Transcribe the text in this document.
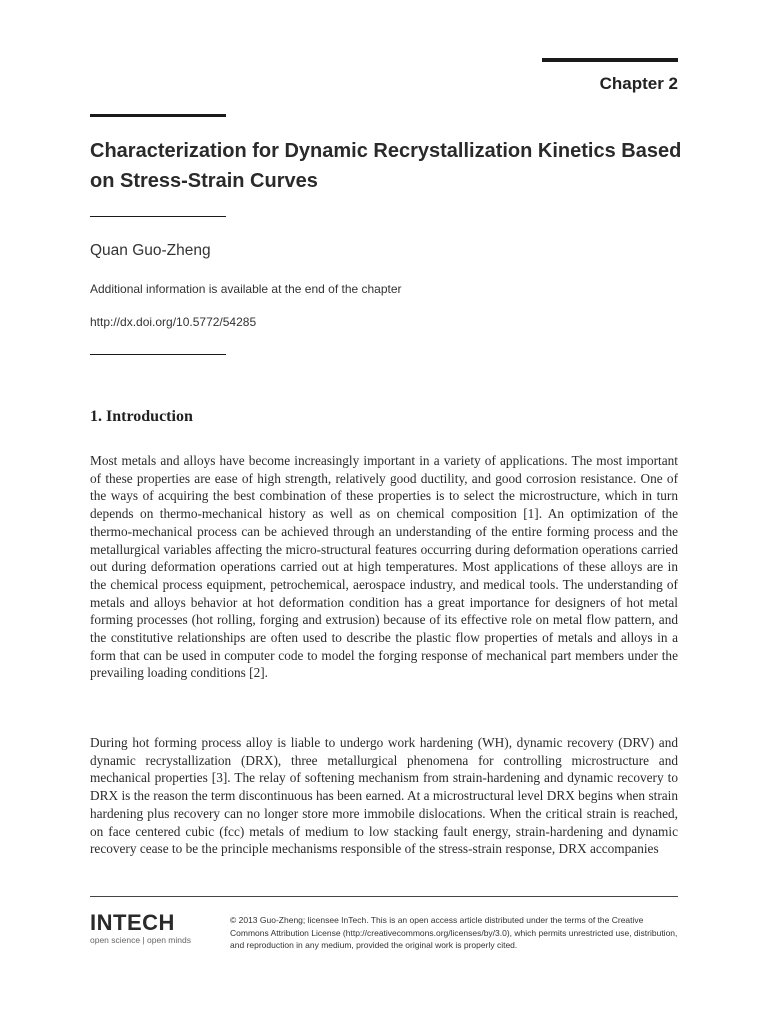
Chapter 2
Characterization for Dynamic Recrystallization Kinetics Based on Stress-Strain Curves
Quan Guo-Zheng
Additional information is available at the end of the chapter
http://dx.doi.org/10.5772/54285
1. Introduction

Most metals and alloys have become increasingly important in a variety of applications. The most important of these properties are ease of high strength, relatively good ductility, and good corrosion resistance. One of the ways of acquiring the best combination of these properties is to select the microstructure, which in turn depends on thermo-mechanical history as well as on chemical composition [1]. An optimization of the thermo-mechanical process can be achieved through an understanding of the entire forming process and the metallurgical variables affecting the micro-structural features occurring during deformation operations carried out during deformation operations carried out at high temperatures. Most applications of these alloys are in the chemical process equipment, petrochemical, aerospace industry, and medical tools. The understanding of metals and alloys behavior at hot deformation condition has a great importance for designers of hot metal forming processes (hot rolling, forging and extrusion) because of its effective role on metal flow pattern, and the constitutive relationships are often used to describe the plastic flow properties of metals and alloys in a form that can be used in computer code to model the forging response of mechanical part members under the prevailing loading conditions [2].

During hot forming process alloy is liable to undergo work hardening (WH), dynamic recovery (DRV) and dynamic recrystallization (DRX), three metallurgical phenomena for controlling microstructure and mechanical properties [3]. The relay of softening mechanism from strain-hardening and dynamic recovery to DRX is the reason the term discontinuous has been earned. At a microstructural level DRX begins when strain hardening plus recovery can no longer store more immobile dislocations. When the critical strain is reached, on face centered cubic (fcc) metals of medium to low stacking fault energy, strain-hardening and dynamic recovery cease to be the principle mechanisms responsible of the stress-strain response, DRX accompanies

INTECH
open science | open minds

© 2013 Guo-Zheng; licensee InTech. This is an open access article distributed under the terms of the Creative Commons Attribution License (http://creativecommons.org/licenses/by/3.0), which permits unrestricted use, distribution, and reproduction in any medium, provided the original work is properly cited.
